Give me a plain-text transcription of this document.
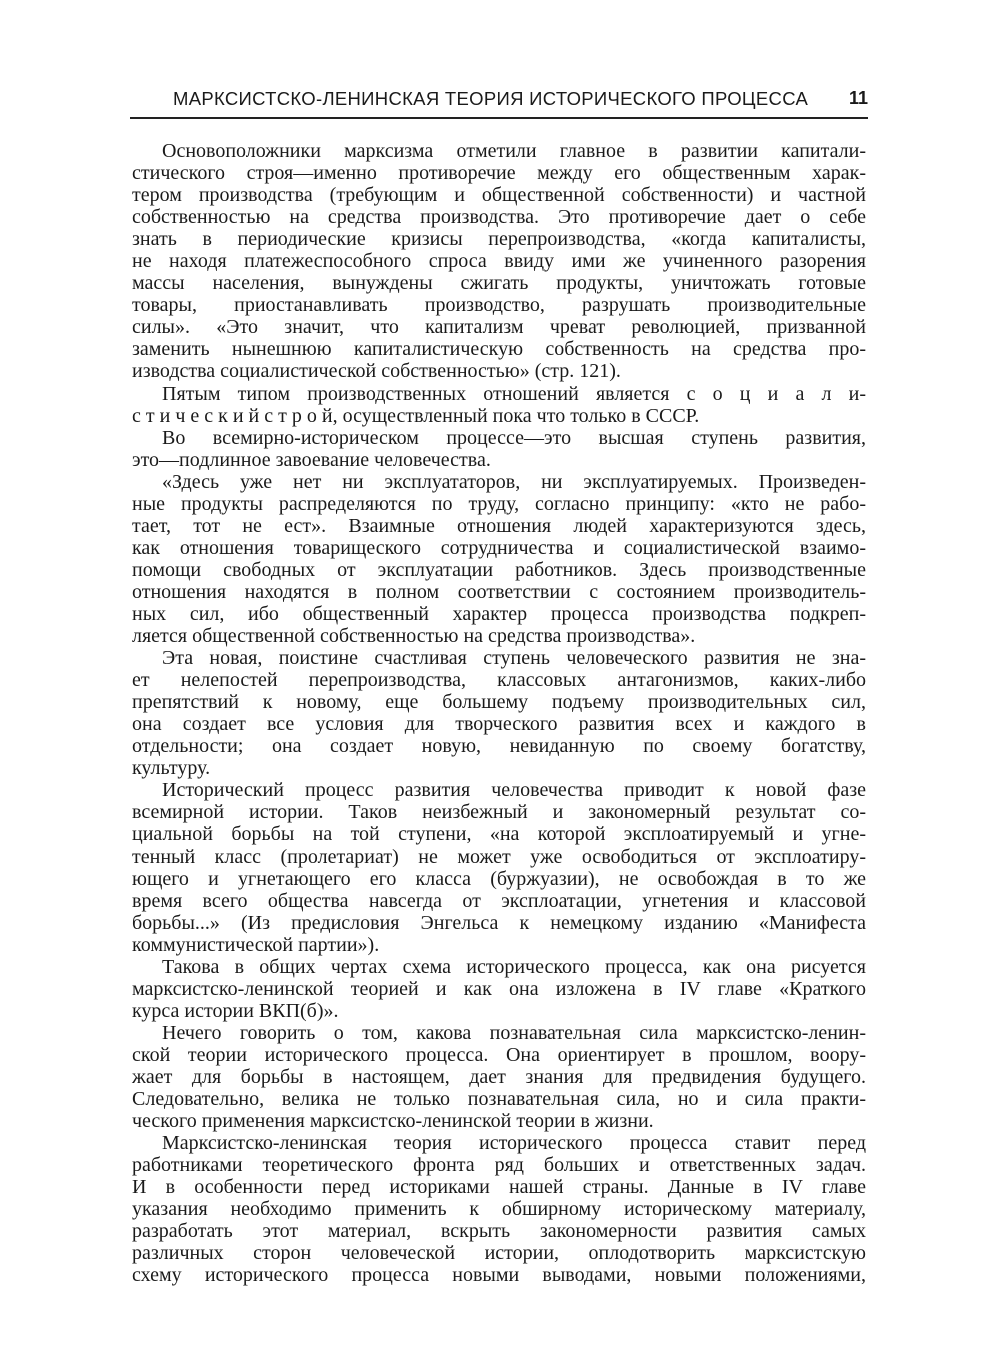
МАРКСИСТСКО-ЛЕНИНСКАЯ ТЕОРИЯ ИСТОРИЧЕСКОГО ПРОЦЕССА 11
Основоположники марксизма отметили главное в развитии капитали-
стического строя—именно противоречие между его общественным харак-
тером производства (требующим и общественной собственности) и частной
собственностью на средства производства. Это противоречие дает о себе
знать в периодические кризисы перепроизводства, «когда капиталисты,
не находя платежеспособного спроса ввиду ими же учиненного разорения
массы населения, вынуждены сжигать продукты, уничтожать готовые
товары, приостанавливать производство, разрушать производительные
силы». «Это значит, что капитализм чреват революцией, призванной
заменить нынешнюю капиталистическую собственность на средства про-
изводства социалистической собственностью» (стр. 121).
Пятым типом производственных отношений является с о ц и а л и-
с т и ч е с к и й с т р о й, осуществленный пока что только в СССР.
Во всемирно-историческом процессе—это высшая ступень развития,
это—подлинное завоевание человечества.
«Здесь уже нет ни эксплуататоров, ни эксплуатируемых. Произведен-
ные продукты распределяются по труду, согласно принципу: «кто не рабо-
тает, тот не ест». Взаимные отношения людей характеризуются здесь,
как отношения товарищеского сотрудничества и социалистической взаимо-
помощи свободных от эксплуатации работников. Здесь производственные
отношения находятся в полном соответствии с состоянием производитель-
ных сил, ибо общественный характер процесса производства подкреп-
ляется общественной собственностью на средства производства».
Эта новая, поистине счастливая ступень человеческого развития не зна-
ет нелепостей перепроизводства, классовых антагонизмов, каких-либо
препятствий к новому, еще большему подъему производительных сил,
она создает все условия для творческого развития всех и каждого в
отдельности; она создает новую, невиданную по своему богатству,
культуру.
Исторический процесс развития человечества приводит к новой фазе
всемирной истории. Таков неизбежный и закономерный результат со-
циальной борьбы на той ступени, «на которой эксплоатируемый и угне-
тенный класс (пролетариат) не может уже освободиться от эксплоатиру-
ющего и угнетающего его класса (буржуазии), не освобождая в то же
время всего общества навсегда от эксплоатации, угнетения и классовой
борьбы...» (Из предисловия Энгельса к немецкому изданию «Манифеста
коммунистической партии»).
Такова в общих чертах схема исторического процесса, как она рисуется
марксистско-ленинской теорией и как она изложена в IV главе «Краткого
курса истории ВКП(б)».
Нечего говорить о том, какова познавательная сила марксистско-ленин-
ской теории исторического процесса. Она ориентирует в прошлом, вoору-
жает для борьбы в настоящем, дает знания для предвидения будущего.
Следовательно, велика не только познавательная сила, но и сила практи-
ческого применения марксистско-ленинской теории в жизни.
Марксистско-ленинская теория исторического процесса ставит перед
работниками теоретического фронта ряд больших и ответственных задач.
И в особенности перед историками нашей страны. Данные в IV главе
указания необходимо применить к обширному историческому материалу,
разработать этот материал, вскрыть закономерности развития самых
различных сторон человеческой истории, оплодотворить марксистскую
схему исторического процесса новыми выводами, новыми положениями,
